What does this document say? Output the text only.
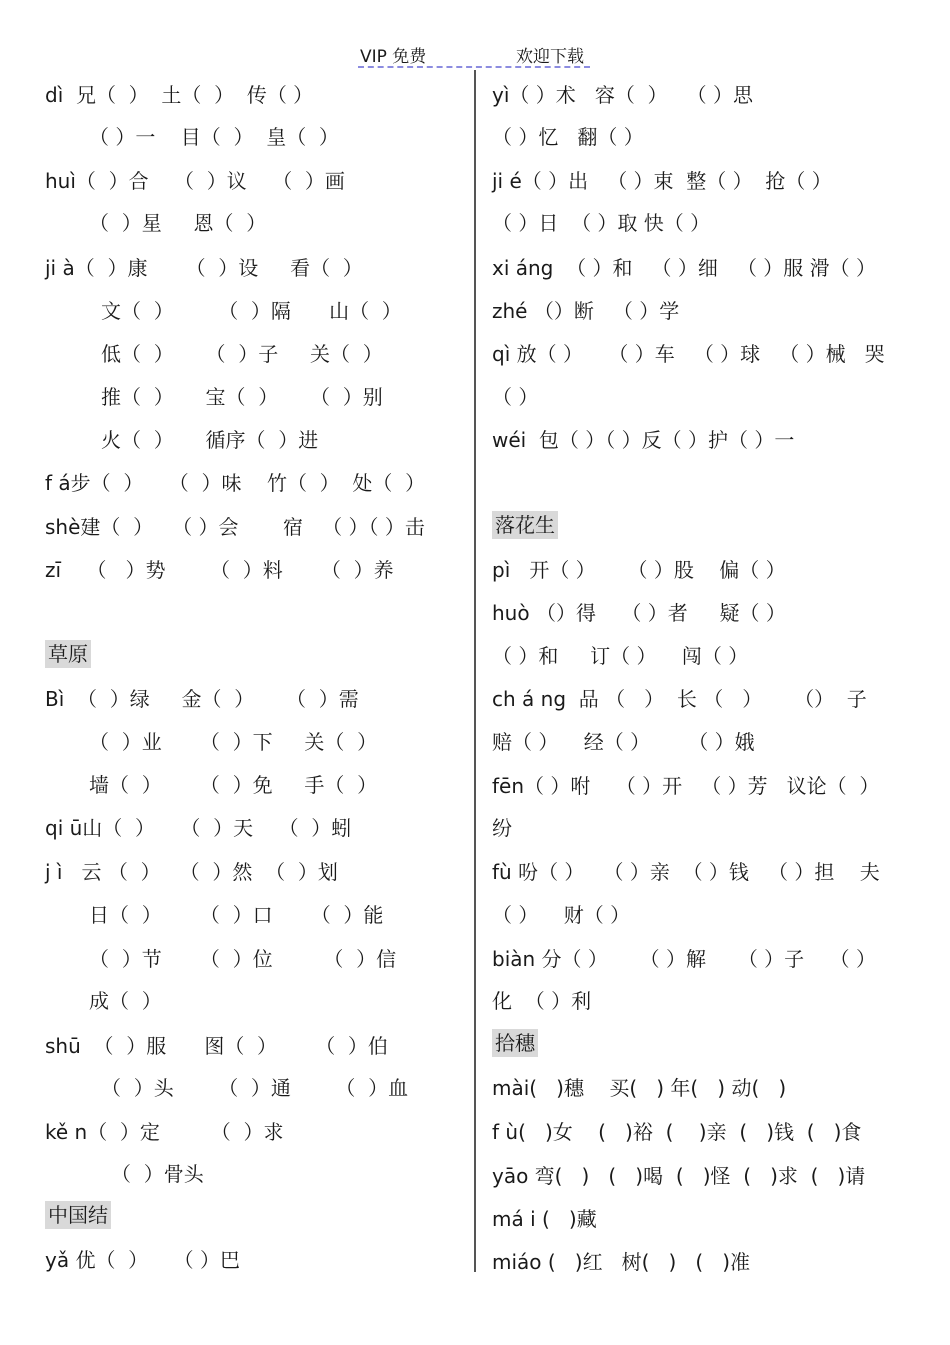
VIP 免费	欢迎下载
dì  兄（  ）  土（  ）  传（ ）
（ ）一    目（  ）  皇（  ）
huì（  ）合    （  ）议    （  ）画
（  ）星     恩（  ）
ji à（  ）康      （  ）设     看（  ）
文（  ）       （  ）隔      山（  ）
低（  ）     （  ）子     关（  ）
推（  ）     宝（  ）     （  ）别
火（  ）     循序（  ）进
f á步（  ）    （  ）味    竹（  ）  处（  ）
shè建（  ）   （ ）会       宿   （ ）（ ）击
zī    （   ）势       （  ）料      （  ）养
Bì  （  ）绿     金（  ）     （  ）需
（  ）业      （  ）下     关（  ）
墙（  ）      （  ）免     手（  ）
qi ū山（  ）    （  ）天    （  ）蚓
j ì   云 （  ）   （  ）然  （  ）划
日（  ）      （  ）口      （  ）能
（  ）节      （  ）位        （  ）信
成（  ）
shū  （  ）服      图（  ）      （  ）伯
（  ）头       （  ）通       （  ）血
kě n（  ）定        （  ）求
（  ）骨头
yǎ 优（  ）    （ ）巴
草原
中国结
yì（ ）术   容（  ）   （ ）思
（ ）忆   翻（ ）
ji é（ ）出   （ ）束  整（ ）  抢（ ）
（ ）日  （ ）取 快（ ）
xi áng  （ ）和   （ ）细   （ ）服 滑（ ）
zhé （）断   （ ）学
qì 放（ ）    （ ）车   （ ）球   （ ）械   哭
（ ）
wéi  包（ ）（ ）反（ ）护（ ）一
pì   开（ ）     （ ）股    偏（ ）
huò （）得    （ ）者     疑（ ）
（ ）和     订（ ）    闯（ ）
ch á ng  品 （   ）  长 （   ）     （）  子
赔（ ）    经（ ）      （ ）娥
fēn（ ）咐    （ ）开   （ ）芳   议论（  ）
纷
fù 吩（ ）   （ ）亲  （ ）钱   （ ）担    夫
（ ）    财（ ）
biàn 分（ ）     （ ）解     （ ）子    （ ）
化  （ ）利
mài(   )穗    买(   ) 年(   ) 动(   )
f ù(   )女    (   )裕  (    )亲  (   )钱  (   )食
yāo 弯(   )   (   )喝  (   )怪  (   )求  (   )请
má i (   )藏
miáo (   )红   树(   )   (   )准
落花生
拾穗
